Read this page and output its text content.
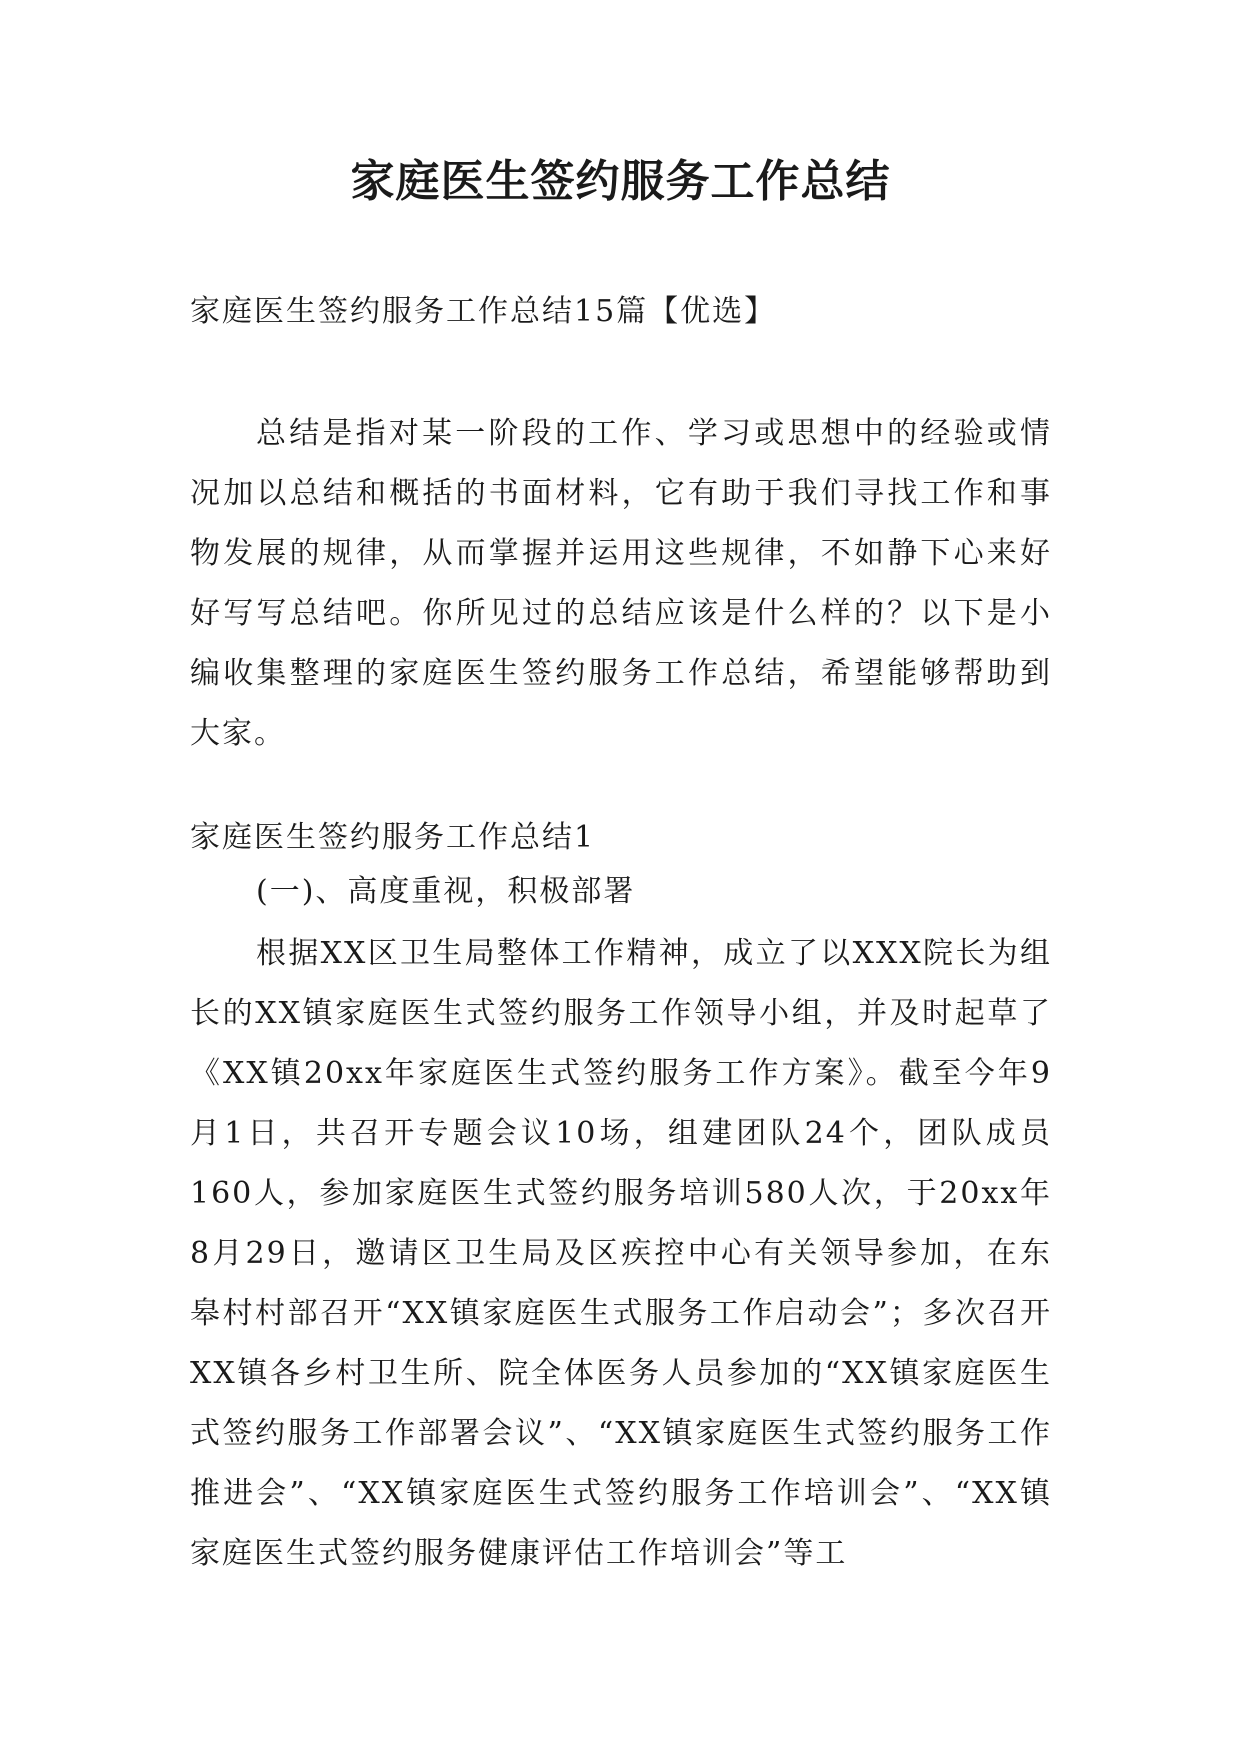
家庭医生签约服务工作总结

家庭医生签约服务工作总结15篇【优选】

总结是指对某一阶段的工作、学习或思想中的经验或情况加以总结和概括的书面材料，它有助于我们寻找工作和事物发展的规律，从而掌握并运用这些规律，不如静下心来好好写写总结吧。你所见过的总结应该是什么样的？以下是小编收集整理的家庭医生签约服务工作总结，希望能够帮助到大家。

家庭医生签约服务工作总结1

(一)、高度重视，积极部署

根据XX区卫生局整体工作精神，成立了以XXX院长为组长的XX镇家庭医生式签约服务工作领导小组，并及时起草了《XX镇20xx年家庭医生式签约服务工作方案》。截至今年9月1日，共召开专题会议10场，组建团队24个，团队成员160人，参加家庭医生式签约服务培训580人次，于20xx年8月29日，邀请区卫生局及区疾控中心有关领导参加，在东皋村村部召开“XX镇家庭医生式服务工作启动会”；多次召开XX镇各乡村卫生所、院全体医务人员参加的“XX镇家庭医生式签约服务工作部署会议”、“XX镇家庭医生式签约服务工作推进会”、“XX镇家庭医生式签约服务工作培训会”、“XX镇家庭医生式签约服务健康评估工作培训会”等工
